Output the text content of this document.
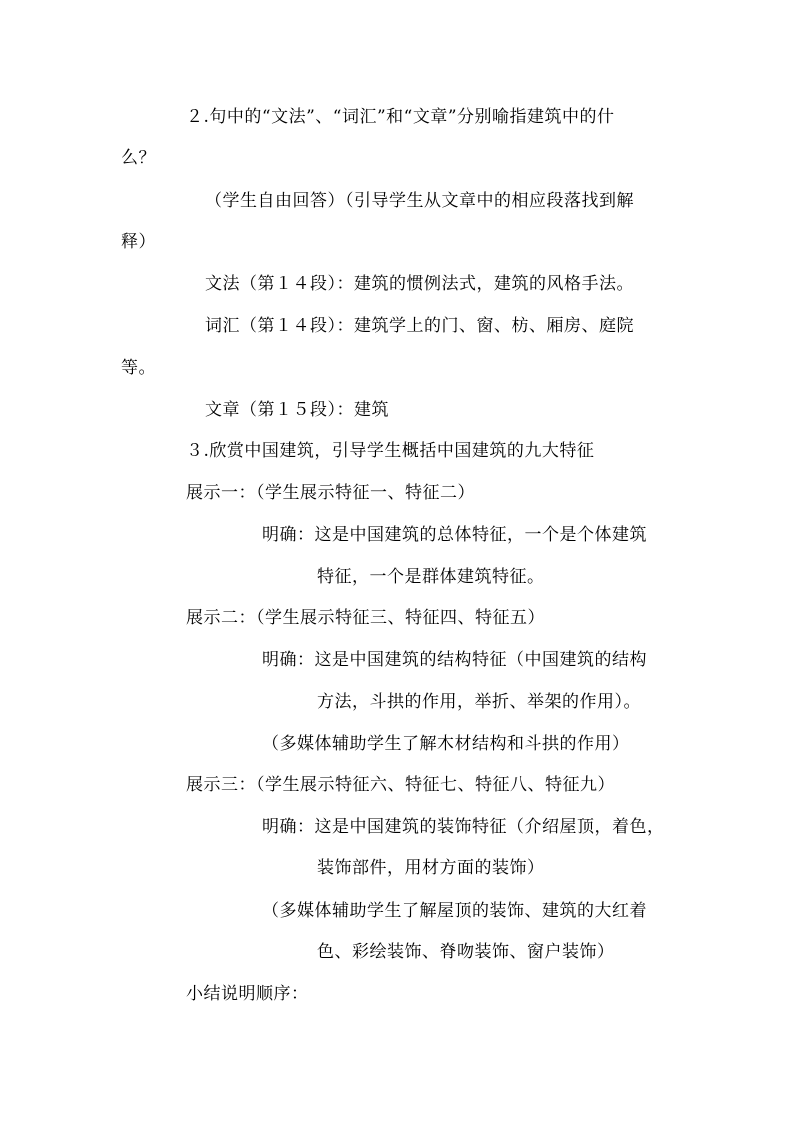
２.句中的“文法”、“词汇”和“文章”分别喻指建筑中的什
么？
（学生自由回答）（引导学生从文章中的相应段落找到解
释）
文法（第１４段）：建筑的惯例法式，建筑的风格手法。
词汇（第１４段）：建筑学上的门、窗、枋、厢房、庭院
等。
文章（第１５段）：建筑
３.欣赏中国建筑，引导学生概括中国建筑的九大特征
展示一：（学生展示特征一、特征二）
明确：这是中国建筑的总体特征，一个是个体建筑
特征，一个是群体建筑特征。
展示二：（学生展示特征三、特征四、特征五）
明确：这是中国建筑的结构特征（中国建筑的结构
方法，斗拱的作用，举折、举架的作用）。
（多媒体辅助学生了解木材结构和斗拱的作用）
展示三：（学生展示特征六、特征七、特征八、特征九）
明确：这是中国建筑的装饰特征（介绍屋顶，着色，
装饰部件，用材方面的装饰）
（多媒体辅助学生了解屋顶的装饰、建筑的大红着
色、彩绘装饰、脊吻装饰、窗户装饰）
小结说明顺序：
